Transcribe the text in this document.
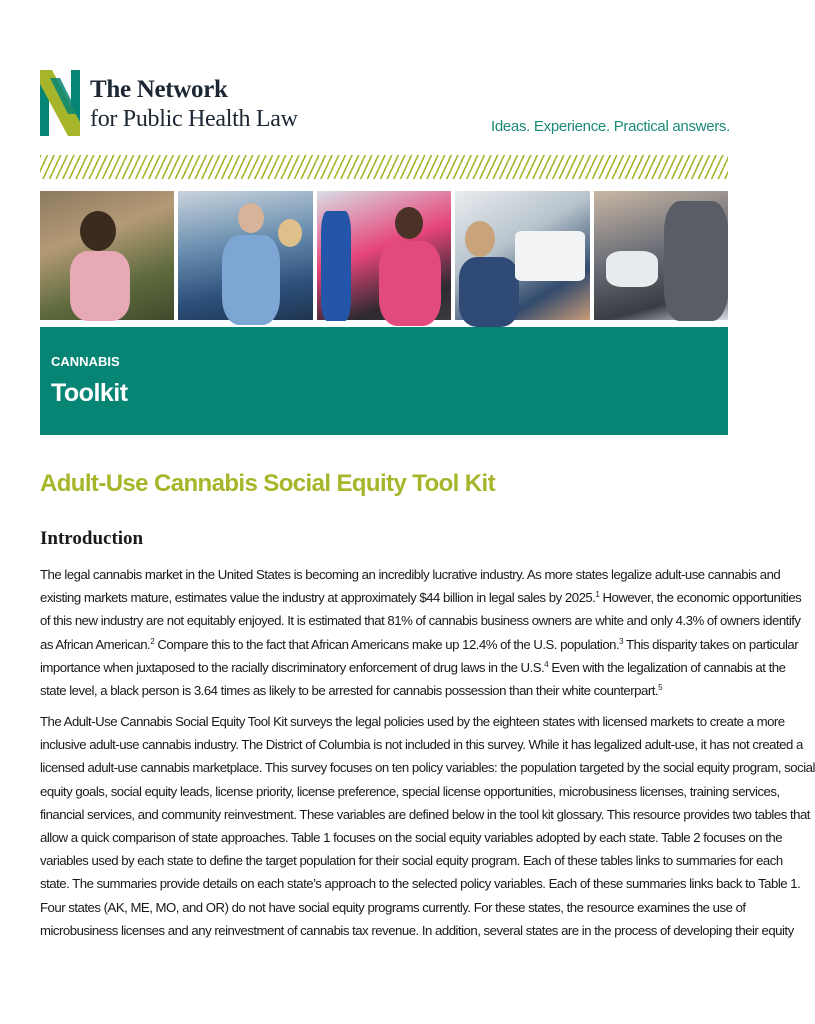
The Network
for Public Health Law	Ideas. Experience. Practical answers.
CANNABIS
Toolkit
Adult-Use Cannabis Social Equity Tool Kit
Introduction
The legal cannabis market in the United States is becoming an incredibly lucrative industry. As more states legalize adult-use cannabis and
existing markets mature, estimates value the industry at approximately $44 billion in legal sales by 2025.$^1$ However, the economic opportunities
of this new industry are not equitably enjoyed. It is estimated that 81% of cannabis business owners are white and only 4.3% of owners identify
as African American.$^2$ Compare this to the fact that African Americans make up 12.4% of the U.S. population.$^3$ This disparity takes on particular
importance when juxtaposed to the racially discriminatory enforcement of drug laws in the U.S.$^4$ Even with the legalization of cannabis at the
state level, a black person is 3.64 times as likely to be arrested for cannabis possession than their white counterpart.$^5$
The Adult-Use Cannabis Social Equity Tool Kit surveys the legal policies used by the eighteen states with licensed markets to create a more
inclusive adult-use cannabis industry. The District of Columbia is not included in this survey. While it has legalized adult-use, it has not created a
licensed adult-use cannabis marketplace. This survey focuses on ten policy variables: the population targeted by the social equity program, social
equity goals, social equity leads, license priority, license preference, special license opportunities, microbusiness licenses, training services,
financial services, and community reinvestment. These variables are defined below in the tool kit glossary. This resource provides two tables that
allow a quick comparison of state approaches. Table 1 focuses on the social equity variables adopted by each state. Table 2 focuses on the
variables used by each state to define the target population for their social equity program. Each of these tables links to summaries for each
state. The summaries provide details on each state’s approach to the selected policy variables. Each of these summaries links back to Table 1.
Four states (AK, ME, MO, and OR) do not have social equity programs currently. For these states, the resource examines the use of
microbusiness licenses and any reinvestment of cannabis tax revenue. In addition, several states are in the process of developing their equity
